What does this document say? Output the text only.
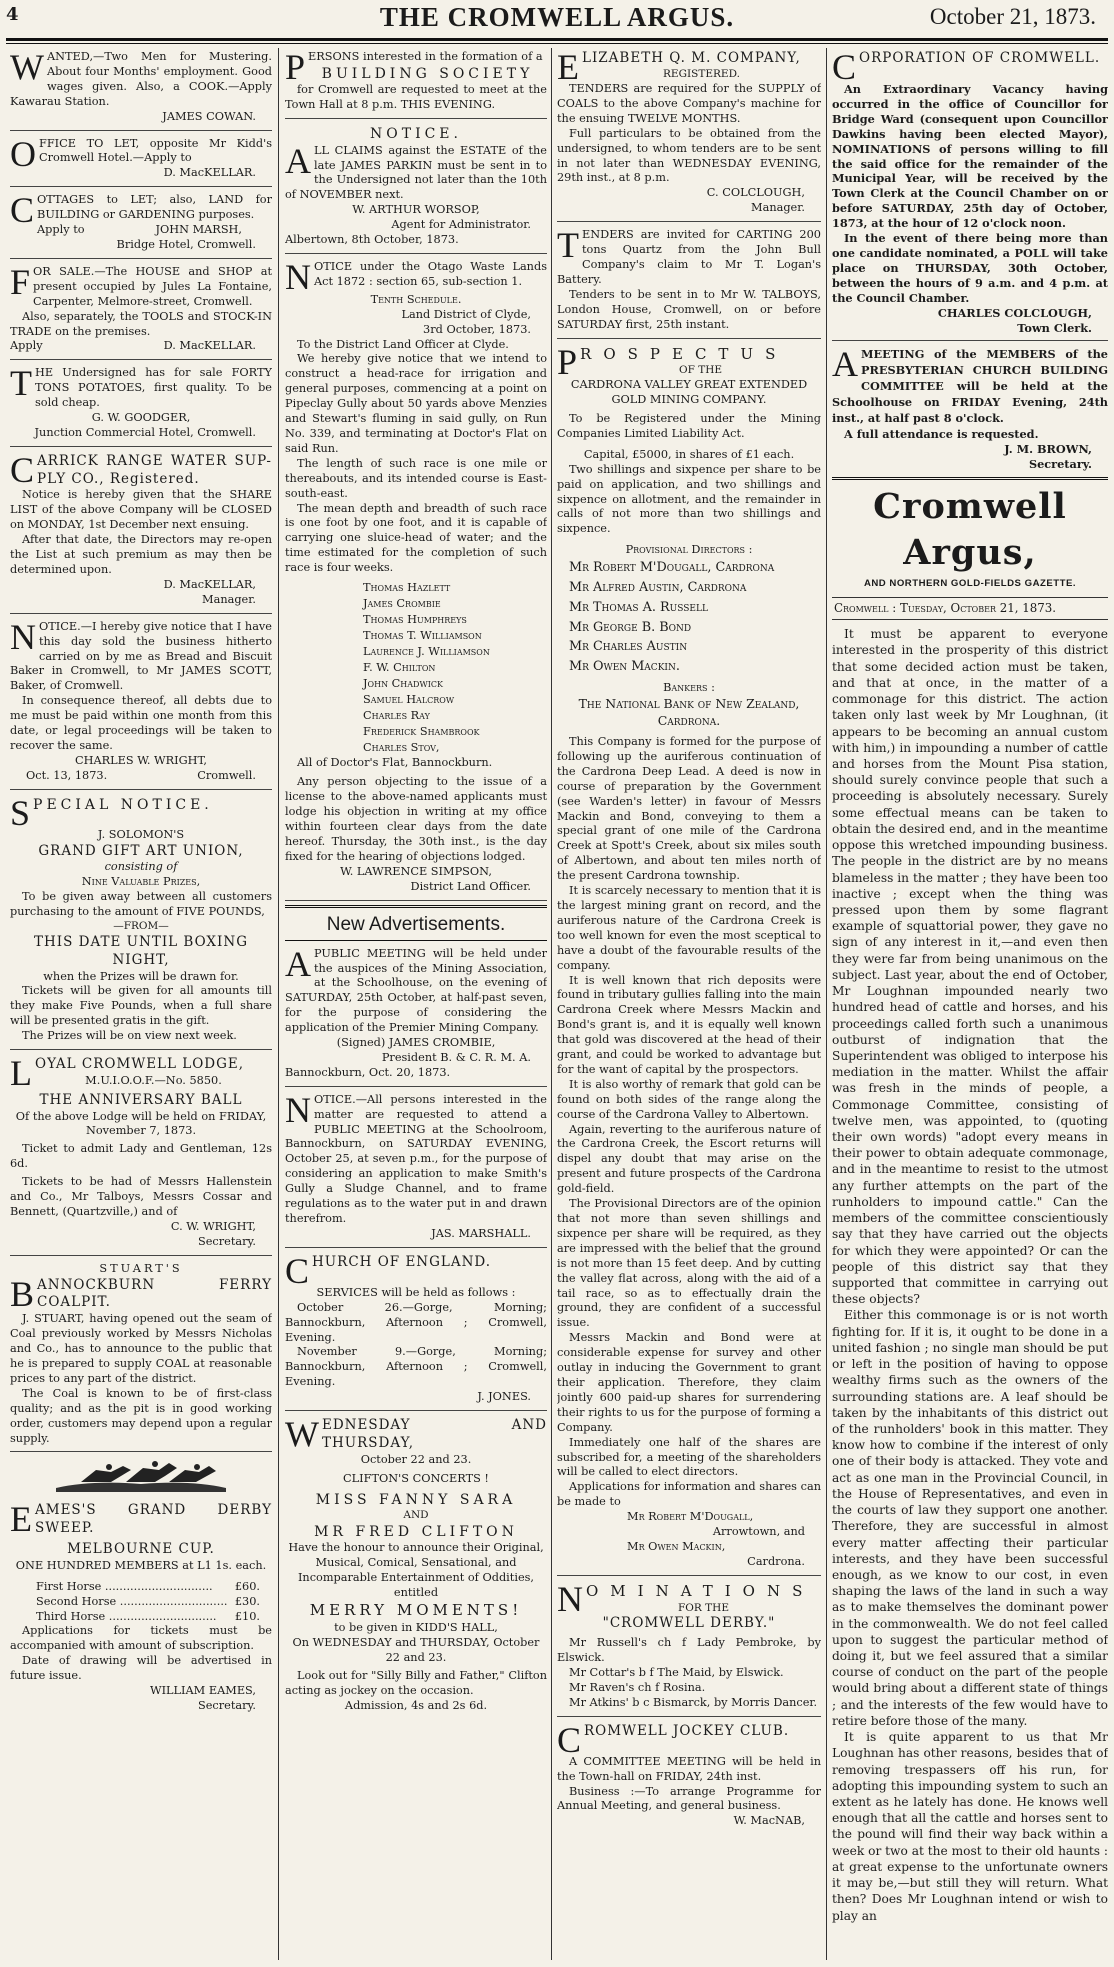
4	THE CROMWELL ARGUS.	October 21, 1873.

WANTED,—Two Men for Mustering. About four Months' employment. Good wages given. Also, a COOK.—Apply Kawarau Station.

JAMES COWAN.

OFFICE TO LET, opposite Mr Kidd's Cromwell Hotel.—Apply to

D. MacKELLAR.

COTTAGES to LET; also, LAND for BUILDING or GARDENING purposes.

Apply to	JOHN MARSH,

Bridge Hotel, Cromwell.

FOR SALE.—The HOUSE and SHOP at present occupied by Jules La Fontaine, Carpenter, Melmore-street, Cromwell.

Also, separately, the TOOLS and STOCK-IN TRADE on the premises.

Apply	D. MacKELLAR.

THE Undersigned has for sale FORTY TONS POTATOES, first quality. To be sold cheap.

G. W. GOODGER,

Junction Commercial Hotel, Cromwell.

CARRICK RANGE WATER SUP-PLY CO., Registered.

Notice is hereby given that the SHARE LIST of the above Company will be CLOSED on MONDAY, 1st December next ensuing.

After that date, the Directors may re-open the List at such premium as may then be determined upon.

D. MacKELLAR,

Manager.

NOTICE.—I hereby give notice that I have this day sold the business hitherto carried on by me as Bread and Biscuit Baker in Cromwell, to Mr JAMES SCOTT, Baker, of Cromwell.

In consequence thereof, all debts due to me must be paid within one month from this date, or legal proceedings will be taken to recover the same.

CHARLES W. WRIGHT,

Oct. 13, 1873.	Cromwell.

SPECIAL NOTICE.

J. SOLOMON'S

GRAND GIFT ART UNION,

consisting of

Nine Valuable Prizes,

To be given away between all customers purchasing to the amount of FIVE POUNDS,

—FROM—

THIS DATE UNTIL BOXING NIGHT,

when the Prizes will be drawn for.

Tickets will be given for all amounts till they make Five Pounds, when a full share will be presented gratis in the gift.

The Prizes will be on view next week.

LOYAL CROMWELL LODGE,

M.U.I.O.O.F.—No. 5850.

THE ANNIVERSARY BALL

Of the above Lodge will be held on FRIDAY,

November 7, 1873.

Ticket to admit Lady and Gentleman, 12s 6d.

Tickets to be had of Messrs Hallenstein and Co., Mr Talboys, Messrs Cossar and Bennett, (Quartzville,) and of

C. W. WRIGHT,

Secretary.

STUART'S

BANNOCKBURN FERRY COALPIT.

J. STUART, having opened out the seam of Coal previously worked by Messrs Nicholas and Co., has to announce to the public that he is prepared to supply COAL at reasonable prices to any part of the district.

The Coal is known to be of first-class quality; and as the pit is in good working order, customers may depend upon a regular supply.

EAMES'S GRAND DERBY SWEEP.

MELBOURNE CUP.

ONE HUNDRED MEMBERS at L1 1s. each.

First Horse .............................. £60.
Second Horse .............................. £30.
Third Horse .............................. £10.

Applications for tickets must be accompanied with amount of subscription.

Date of drawing will be advertised in future issue.

WILLIAM EAMES,

Secretary.

PERSONS interested in the formation of a

BUILDING SOCIETY

for Cromwell are requested to meet at the Town Hall at 8 p.m. THIS EVENING.

NOTICE.

ALL CLAIMS against the ESTATE of the late JAMES PARKIN must be sent in to the Undersigned not later than the 10th of NOVEMBER next.

W. ARTHUR WORSOP,

Agent for Administrator.

Albertown, 8th October, 1873.

NOTICE under the Otago Waste Lands Act 1872 : section 65, sub-section 1.

Tenth Schedule.

Land District of Clyde,

3rd October, 1873.

To the District Land Officer at Clyde.

We hereby give notice that we intend to construct a head-race for irrigation and general purposes, commencing at a point on Pipeclay Gully about 50 yards above Menzies and Stewart's fluming in said gully, on Run No. 339, and terminating at Doctor's Flat on said Run.

The length of such race is one mile or thereabouts, and its intended course is East-south-east.

The mean depth and breadth of such race is one foot by one foot, and it is capable of carrying one sluice-head of water; and the time estimated for the completion of such race is four weeks.

Thomas Hazlett
James Crombie
Thomas Humphreys
Thomas T. Williamson
Laurence J. Williamson
F. W. Chilton
John Chadwick
Samuel Halcrow
Charles Ray
Frederick Shambrook
Charles Stov,

All of Doctor's Flat, Bannockburn.

Any person objecting to the issue of a license to the above-named applicants must lodge his objection in writing at my office within fourteen clear days from the date hereof. Thursday, the 30th inst., is the day fixed for the hearing of objections lodged.

W. LAWRENCE SIMPSON,

District Land Officer.

New Advertisements.

APUBLIC MEETING will be held under the auspices of the Mining Association, at the Schoolhouse, on the evening of SATURDAY, 25th October, at half-past seven, for the purpose of considering the application of the Premier Mining Company.

(Signed) JAMES CROMBIE,

President B. & C. R. M. A.

Bannockburn, Oct. 20, 1873.

NOTICE.—All persons interested in the matter are requested to attend a PUBLIC MEETING at the Schoolroom, Bannockburn, on SATURDAY EVENING, October 25, at seven p.m., for the purpose of considering an application to make Smith's Gully a Sludge Channel, and to frame regulations as to the water put in and drawn therefrom.

JAS. MARSHALL.

CHURCH OF ENGLAND.

SERVICES will be held as follows :

October 26.—Gorge, Morning; Bannockburn, Afternoon ; Cromwell, Evening.

November 9.—Gorge, Morning; Bannockburn, Afternoon ; Cromwell, Evening.

J. JONES.

WEDNESDAY AND THURSDAY,

October 22 and 23.

CLIFTON'S CONCERTS !

MISS FANNY SARA

AND

MR FRED CLIFTON

Have the honour to announce their Original, Musical, Comical, Sensational, and Incomparable Entertainment of Oddities,

entitled

MERRY MOMENTS!

to be given in KIDD'S HALL,

On WEDNESDAY and THURSDAY, October 22 and 23.

Look out for "Silly Billy and Father," Clifton acting as jockey on the occasion.

Admission, 4s and 2s 6d.

ELIZABETH Q. M. COMPANY,

REGISTERED.

TENDERS are required for the SUPPLY of COALS to the above Company's machine for the ensuing TWELVE MONTHS.

Full particulars to be obtained from the undersigned, to whom tenders are to be sent in not later than WEDNESDAY EVENING, 29th inst., at 8 p.m.

C. COLCLOUGH,

Manager.

TENDERS are invited for CARTING 200 tons Quartz from the John Bull Company's claim to Mr T. Logan's Battery.

Tenders to be sent in to Mr W. TALBOYS, London House, Cromwell, on or before SATURDAY first, 25th instant.

PROSPECTUS

OF THE

CARDRONA VALLEY GREAT EXTENDED GOLD MINING COMPANY.

To be Registered under the Mining Companies Limited Liability Act.

Capital, £5000, in shares of £1 each.

Two shillings and sixpence per share to be paid on application, and two shillings and sixpence on allotment, and the remainder in calls of not more than two shillings and sixpence.

Provisional Directors :

Mr Robert M'Dougall, Cardrona
Mr Alfred Austin, Cardrona
Mr Thomas A. Russell
Mr George B. Bond
Mr Charles Austin
Mr Owen Mackin.

Bankers :

The National Bank of New Zealand, Cardrona.

This Company is formed for the purpose of following up the auriferous continuation of the Cardrona Deep Lead. A deed is now in course of preparation by the Government (see Warden's letter) in favour of Messrs Mackin and Bond, conveying to them a special grant of one mile of the Cardrona Creek at Spott's Creek, about six miles south of Albertown, and about ten miles north of the present Cardrona township.

It is scarcely necessary to mention that it is the largest mining grant on record, and the auriferous nature of the Cardrona Creek is too well known for even the most sceptical to have a doubt of the favourable results of the company.

It is well known that rich deposits were found in tributary gullies falling into the main Cardrona Creek where Messrs Mackin and Bond's grant is, and it is equally well known that gold was discovered at the head of their grant, and could be worked to advantage but for the want of capital by the prospectors.

It is also worthy of remark that gold can be found on both sides of the range along the course of the Cardrona Valley to Albertown.

Again, reverting to the auriferous nature of the Cardrona Creek, the Escort returns will dispel any doubt that may arise on the present and future prospects of the Cardrona gold-field.

The Provisional Directors are of the opinion that not more than seven shillings and sixpence per share will be required, as they are impressed with the belief that the ground is not more than 15 feet deep. And by cutting the valley flat across, along with the aid of a tail race, so as to effectually drain the ground, they are confident of a successful issue.

Messrs Mackin and Bond were at considerable expense for survey and other outlay in inducing the Government to grant their application. Therefore, they claim jointly 600 paid-up shares for surrendering their rights to us for the purpose of forming a Company.

Immediately one half of the shares are subscribed for, a meeting of the shareholders will be called to elect directors.

Applications for information and shares can be made to

Mr Robert M'Dougall,

Arrowtown, and

Mr Owen Mackin,

Cardrona.

NOMINATIONS

FOR THE

"CROMWELL DERBY."

Mr Russell's ch f Lady Pembroke, by Elswick.

Mr Cottar's b f The Maid, by Elswick.

Mr Raven's ch f Rosina.

Mr Atkins' b c Bismarck, by Morris Dancer.

CROMWELL JOCKEY CLUB.

A COMMITTEE MEETING will be held in the Town-hall on FRIDAY, 24th inst.

Business :—To arrange Programme for Annual Meeting, and general business.

W. MacNAB,

CORPORATION OF CROMWELL.

An Extraordinary Vacancy having occurred in the office of Councillor for Bridge Ward (consequent upon Councillor Dawkins having been elected Mayor), NOMINATIONS of persons willing to fill the said office for the remainder of the Municipal Year, will be received by the Town Clerk at the Council Chamber on or before SATURDAY, 25th day of October, 1873, at the hour of 12 o'clock noon.

In the event of there being more than one candidate nominated, a POLL will take place on THURSDAY, 30th October, between the hours of 9 a.m. and 4 p.m. at the Council Chamber.

CHARLES COLCLOUGH,

Town Clerk.

AMEETING of the MEMBERS of the PRESBYTERIAN CHURCH BUILDING COMMITTEE will be held at the Schoolhouse on FRIDAY Evening, 24th inst., at half past 8 o'clock.

A full attendance is requested.

J. M. BROWN,

Secretary.

Cromwell Argus,
AND NORTHERN GOLD-FIELDS GAZETTE.
Cromwell : Tuesday, October 21, 1873.

It must be apparent to everyone interested in the prosperity of this district that some decided action must be taken, and that at once, in the matter of a commonage for this district. The action taken only last week by Mr Loughnan, (it appears to be becoming an annual custom with him,) in impounding a number of cattle and horses from the Mount Pisa station, should surely convince people that such a proceeding is absolutely necessary. Surely some effectual means can be taken to obtain the desired end, and in the meantime oppose this wretched impounding business. The people in the district are by no means blameless in the matter ; they have been too inactive ; except when the thing was pressed upon them by some flagrant example of squattorial power, they gave no sign of any interest in it,—and even then they were far from being unanimous on the subject. Last year, about the end of October, Mr Loughnan impounded nearly two hundred head of cattle and horses, and his proceedings called forth such a unanimous outburst of indignation that the Superintendent was obliged to interpose his mediation in the matter. Whilst the affair was fresh in the minds of people, a Commonage Committee, consisting of twelve men, was appointed, to (quoting their own words) "adopt every means in their power to obtain adequate commonage, and in the meantime to resist to the utmost any further attempts on the part of the runholders to impound cattle." Can the members of the committee conscientiously say that they have carried out the objects for which they were appointed? Or can the people of this district say that they supported that committee in carrying out these objects?

Either this commonage is or is not worth fighting for. If it is, it ought to be done in a united fashion ; no single man should be put or left in the position of having to oppose wealthy firms such as the owners of the surrounding stations are. A leaf should be taken by the inhabitants of this district out of the runholders' book in this matter. They know how to combine if the interest of only one of their body is attacked. They vote and act as one man in the Provincial Council, in the House of Representatives, and even in the courts of law they support one another. Therefore, they are successful in almost every matter affecting their particular interests, and they have been successful enough, as we know to our cost, in even shaping the laws of the land in such a way as to make themselves the dominant power in the commonwealth. We do not feel called upon to suggest the particular method of doing it, but we feel assured that a similar course of conduct on the part of the people would bring about a different state of things ; and the interests of the few would have to retire before those of the many.

It is quite apparent to us that Mr Loughnan has other reasons, besides that of removing trespassers off his run, for adopting this impounding system to such an extent as he lately has done. He knows well enough that all the cattle and horses sent to the pound will find their way back within a week or two at the most to their old haunts : at great expense to the unfortunate owners it may be,—but still they will return. What then? Does Mr Loughnan intend or wish to play an
